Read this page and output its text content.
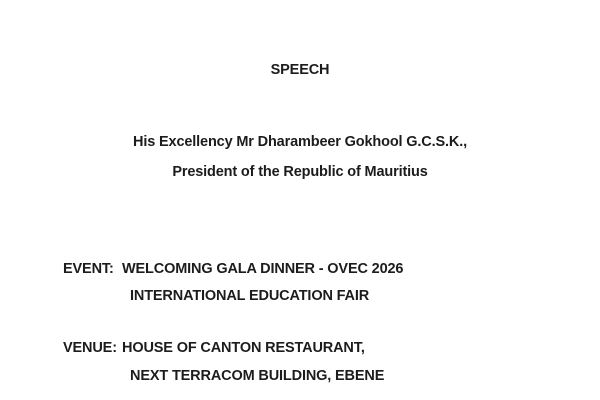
SPEECH
His Excellency Mr Dharambeer Gokhool G.C.S.K.,
President of the Republic of Mauritius
EVENT: WELCOMING GALA DINNER - OVEC 2026
INTERNATIONAL EDUCATION FAIR
VENUE: HOUSE OF CANTON RESTAURANT,
NEXT TERRACOM BUILDING, EBENE
